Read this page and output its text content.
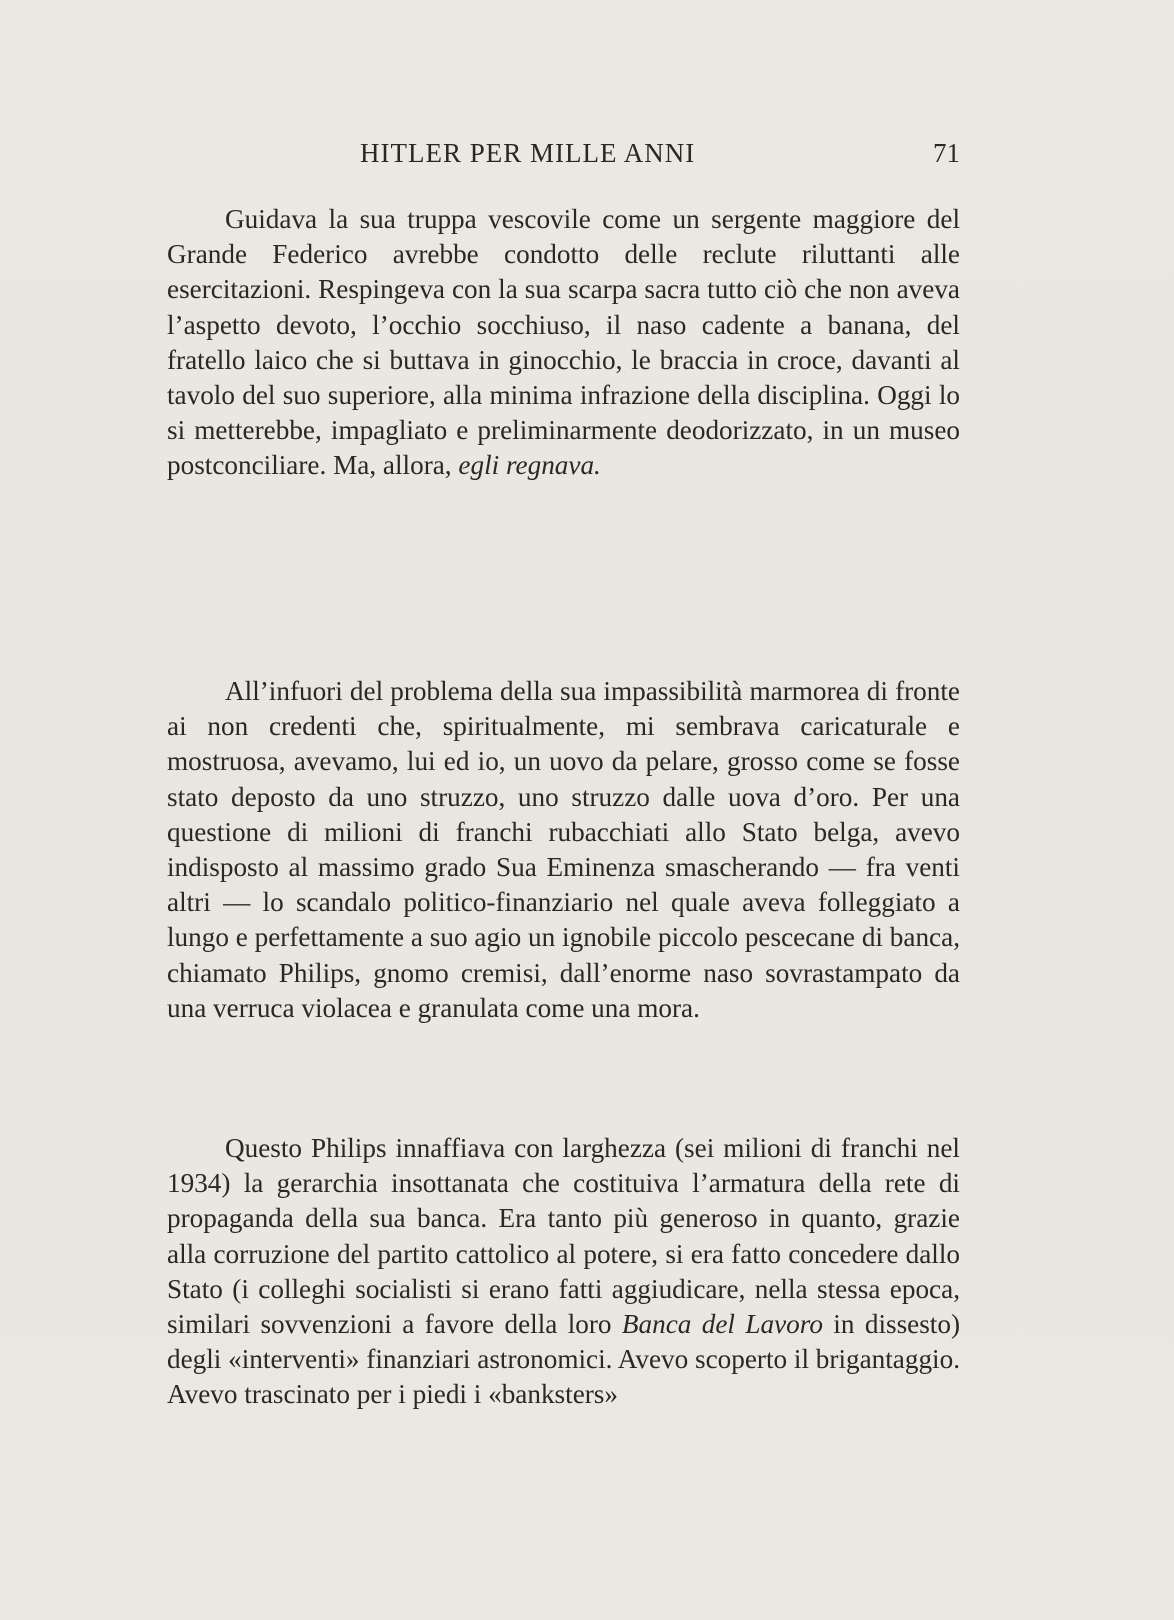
HITLER PER MILLE ANNI	71

Guidava la sua truppa vescovile come un sergente maggiore del Grande Federico avrebbe condotto delle reclute riluttanti alle esercitazioni. Respingeva con la sua scarpa sacra tutto ciò che non aveva l’aspetto devoto, l’occhio socchiuso, il naso cadente a banana, del fratello laico che si buttava in ginocchio, le braccia in croce, davanti al tavolo del suo superiore, alla minima infrazione della disciplina. Oggi lo si metterebbe, impagliato e preliminarmente deodorizzato, in un museo postconciliare. Ma, allora, egli regnava.

All’infuori del problema della sua impassibilità marmorea di fronte ai non credenti che, spiritualmente, mi sembrava caricaturale e mostruosa, avevamo, lui ed io, un uovo da pelare, grosso come se fosse stato deposto da uno struzzo, uno struzzo dalle uova d’oro. Per una questione di milioni di franchi rubacchiati allo Stato belga, avevo indisposto al massimo grado Sua Eminenza smascherando — fra venti altri — lo scandalo politico-finanziario nel quale aveva folleggiato a lungo e perfettamente a suo agio un ignobile piccolo pescecane di banca, chiamato Philips, gnomo cremisi, dall’enorme naso sovrastampato da una verruca violacea e granulata come una mora.

Questo Philips innaffiava con larghezza (sei milioni di franchi nel 1934) la gerarchia insottanata che costituiva l’armatura della rete di propaganda della sua banca. Era tanto più generoso in quanto, grazie alla corruzione del partito cattolico al potere, si era fatto concedere dallo Stato (i colleghi socialisti si erano fatti aggiudicare, nella stessa epoca, similari sovvenzioni a favore della loro Banca del Lavoro in dissesto) degli «interventi» finanziari astronomici. Avevo scoperto il brigantaggio. Avevo trascinato per i piedi i «banksters»
